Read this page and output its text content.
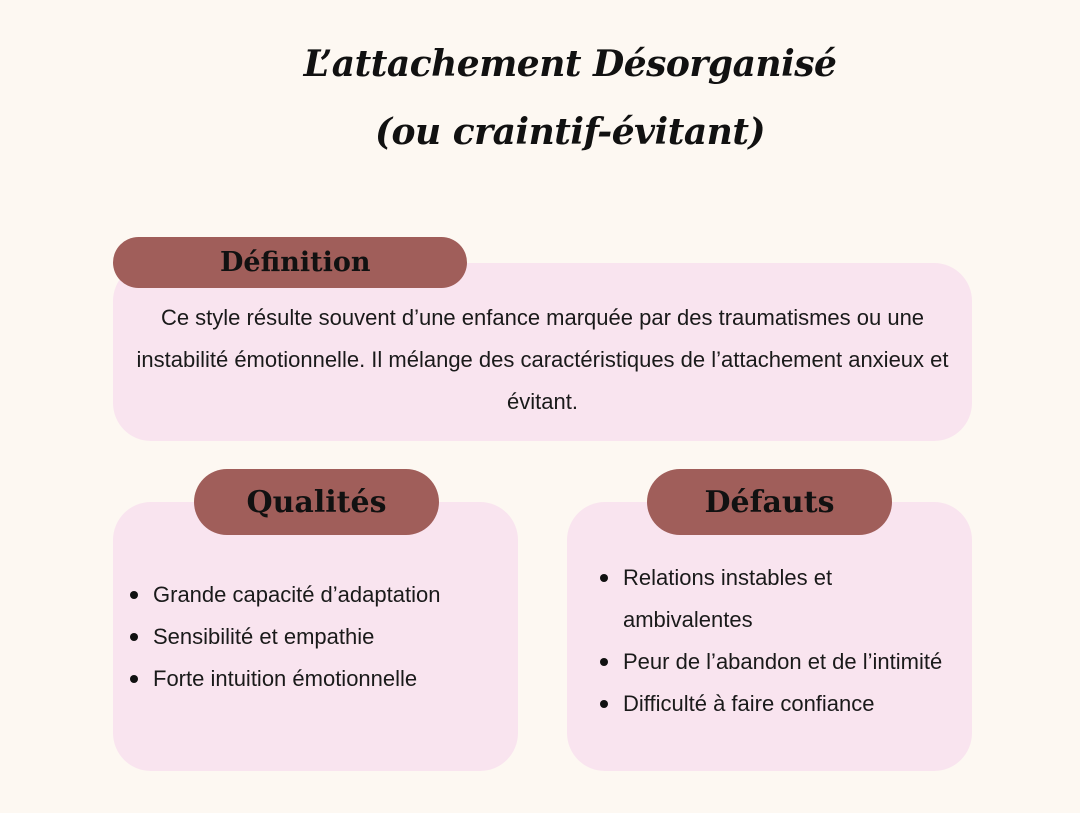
L’attachement Désorganisé
(ou craintif-évitant)
Définition
Ce style résulte souvent d’une enfance marquée par des traumatismes ou une instabilité émotionnelle. Il mélange des caractéristiques de l’attachement anxieux et évitant.
Qualités
Grande capacité d’adaptation
Sensibilité et empathie
Forte intuition émotionnelle
Défauts
Relations instables et ambivalentes
Peur de l’abandon et de l’intimité
Difficulté à faire confiance
